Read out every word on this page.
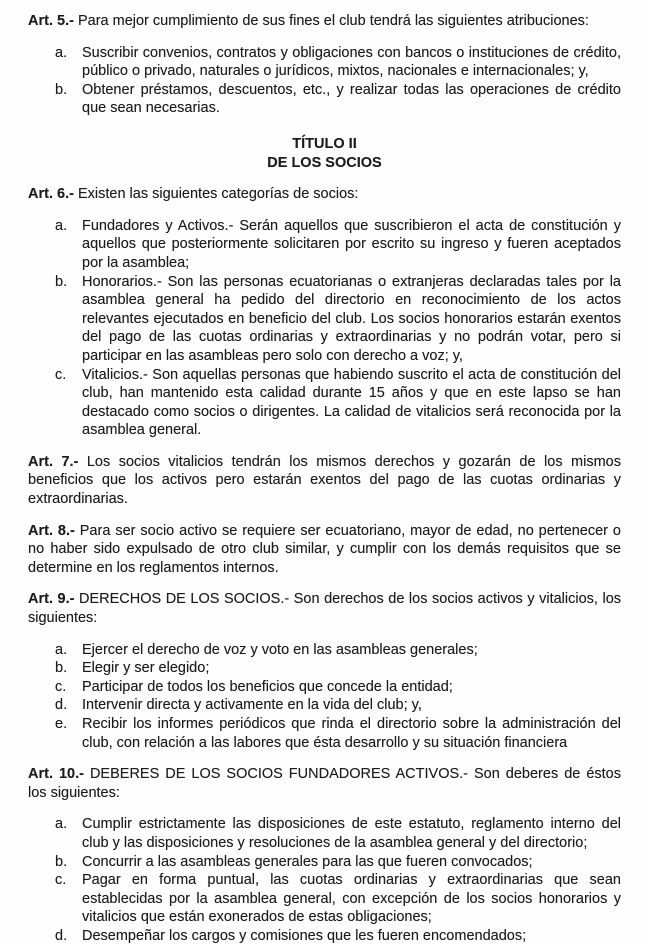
Art. 5.- Para mejor cumplimiento de sus fines el club tendrá las siguientes atribuciones:

a.	Suscribir convenios, contratos y obligaciones con bancos o instituciones de crédito, público o privado, naturales o jurídicos, mixtos, nacionales e internacionales; y,
b.	Obtener préstamos, descuentos, etc., y realizar todas las operaciones de crédito que sean necesarias.
TÍTULO II
DE LOS SOCIOS

Art. 6.- Existen las siguientes categorías de socios:

a.	Fundadores y Activos.- Serán aquellos que suscribieron el acta de constitución y aquellos que posteriormente solicitaren por escrito su ingreso y fueren aceptados por la asamblea;
b.	Honorarios.- Son las personas ecuatorianas o extranjeras declaradas tales por la asamblea general ha pedido del directorio en reconocimiento de los actos relevantes ejecutados en beneficio del club. Los socios honorarios estarán exentos del pago de las cuotas ordinarias y extraordinarias y no podrán votar, pero si participar en las asambleas pero solo con derecho a voz; y,
c.	Vitalicios.- Son aquellas personas que habiendo suscrito el acta de constitución del club, han mantenido esta calidad durante 15 años y que en este lapso se han destacado como socios o dirigentes. La calidad de vitalicios será reconocida por la asamblea general.

Art. 7.- Los socios vitalicios tendrán los mismos derechos y gozarán de los mismos beneficios que los activos pero estarán exentos del pago de las cuotas ordinarias y extraordinarias.

Art. 8.- Para ser socio activo se requiere ser ecuatoriano, mayor de edad, no pertenecer o no haber sido expulsado de otro club similar, y cumplir con los demás requisitos que se determine en los reglamentos internos.

Art. 9.- DERECHOS DE LOS SOCIOS.- Son derechos de los socios activos y vitalicios, los siguientes:

a.	Ejercer el derecho de voz y voto en las asambleas generales;
b.	Elegir y ser elegido;
c.	Participar de todos los beneficios que concede la entidad;
d.	Intervenir directa y activamente en la vida del club; y,
e.	Recibir los informes periódicos que rinda el directorio sobre la administración del club, con relación a las labores que ésta desarrollo y su situación financiera

Art. 10.- DEBERES DE LOS SOCIOS FUNDADORES ACTIVOS.- Son deberes de éstos los siguientes:

a.	Cumplir estrictamente las disposiciones de este estatuto, reglamento interno del club y las disposiciones y resoluciones de la asamblea general y del directorio;
b.	Concurrir a las asambleas generales para las que fueren convocados;
c.	Pagar en forma puntual, las cuotas ordinarias y extraordinarias que sean establecidas por la asamblea general, con excepción de los socios honorarios y vitalicios que están exonerados de estas obligaciones;
d.	Desempeñar los cargos y comisiones que les fueren encomendados;
